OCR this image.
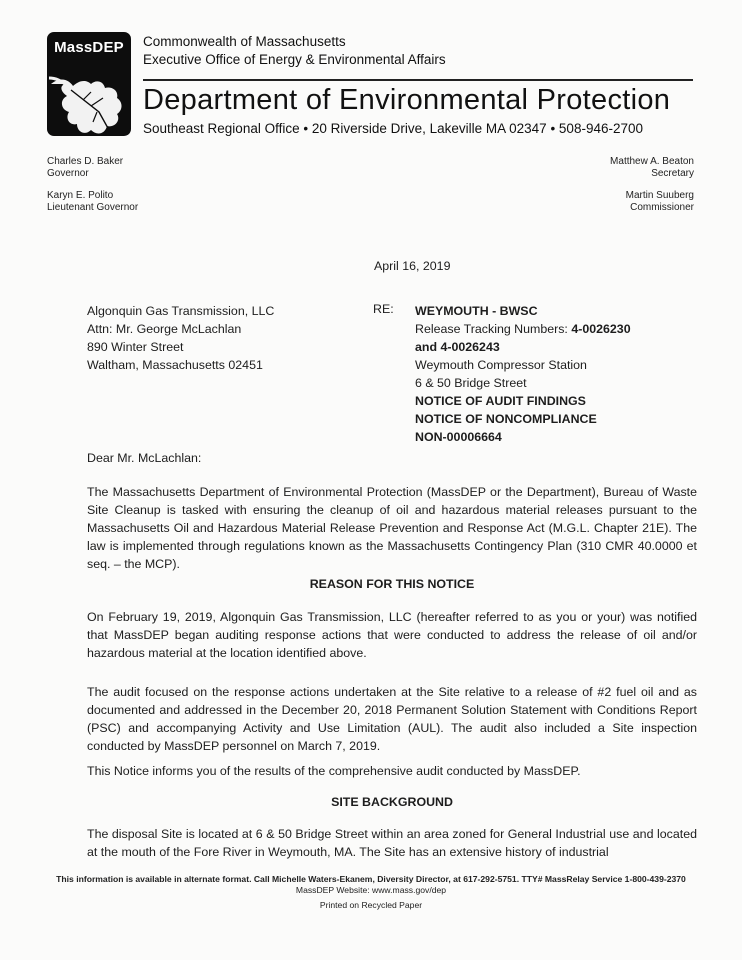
MassDEP	Commonwealth of Massachusetts
Executive Office of Energy & Environmental Affairs
Department of Environmental Protection
Southeast Regional Office • 20 Riverside Drive, Lakeville MA 02347 • 508-946-2700
Charles D. Baker
Governor
Karyn E. Polito
Lieutenant Governor
Matthew A. Beaton
Secretary
Martin Suuberg
Commissioner
April 16, 2019
Algonquin Gas Transmission, LLC
Attn: Mr. George McLachlan
890 Winter Street
Waltham, Massachusetts 02451
RE: WEYMOUTH - BWSC
Release Tracking Numbers: 4-0026230
and 4-0026243
Weymouth Compressor Station
6 & 50 Bridge Street
NOTICE OF AUDIT FINDINGS
NOTICE OF NONCOMPLIANCE
NON-00006664
Dear Mr. McLachlan:
The Massachusetts Department of Environmental Protection (MassDEP or the Department), Bureau of Waste Site Cleanup is tasked with ensuring the cleanup of oil and hazardous material releases pursuant to the Massachusetts Oil and Hazardous Material Release Prevention and Response Act (M.G.L. Chapter 21E). The law is implemented through regulations known as the Massachusetts Contingency Plan (310 CMR 40.0000 et seq. – the MCP).
REASON FOR THIS NOTICE
On February 19, 2019, Algonquin Gas Transmission, LLC (hereafter referred to as you or your) was notified that MassDEP began auditing response actions that were conducted to address the release of oil and/or hazardous material at the location identified above.
The audit focused on the response actions undertaken at the Site relative to a release of #2 fuel oil and as documented and addressed in the December 20, 2018 Permanent Solution Statement with Conditions Report (PSC) and accompanying Activity and Use Limitation (AUL). The audit also included a Site inspection conducted by MassDEP personnel on March 7, 2019.
This Notice informs you of the results of the comprehensive audit conducted by MassDEP.
SITE BACKGROUND
The disposal Site is located at 6 & 50 Bridge Street within an area zoned for General Industrial use and located at the mouth of the Fore River in Weymouth, MA. The Site has an extensive history of industrial
This information is available in alternate format. Call Michelle Waters-Ekanem, Diversity Director, at 617-292-5751. TTY# MassRelay Service 1-800-439-2370
MassDEP Website: www.mass.gov/dep
Printed on Recycled Paper
